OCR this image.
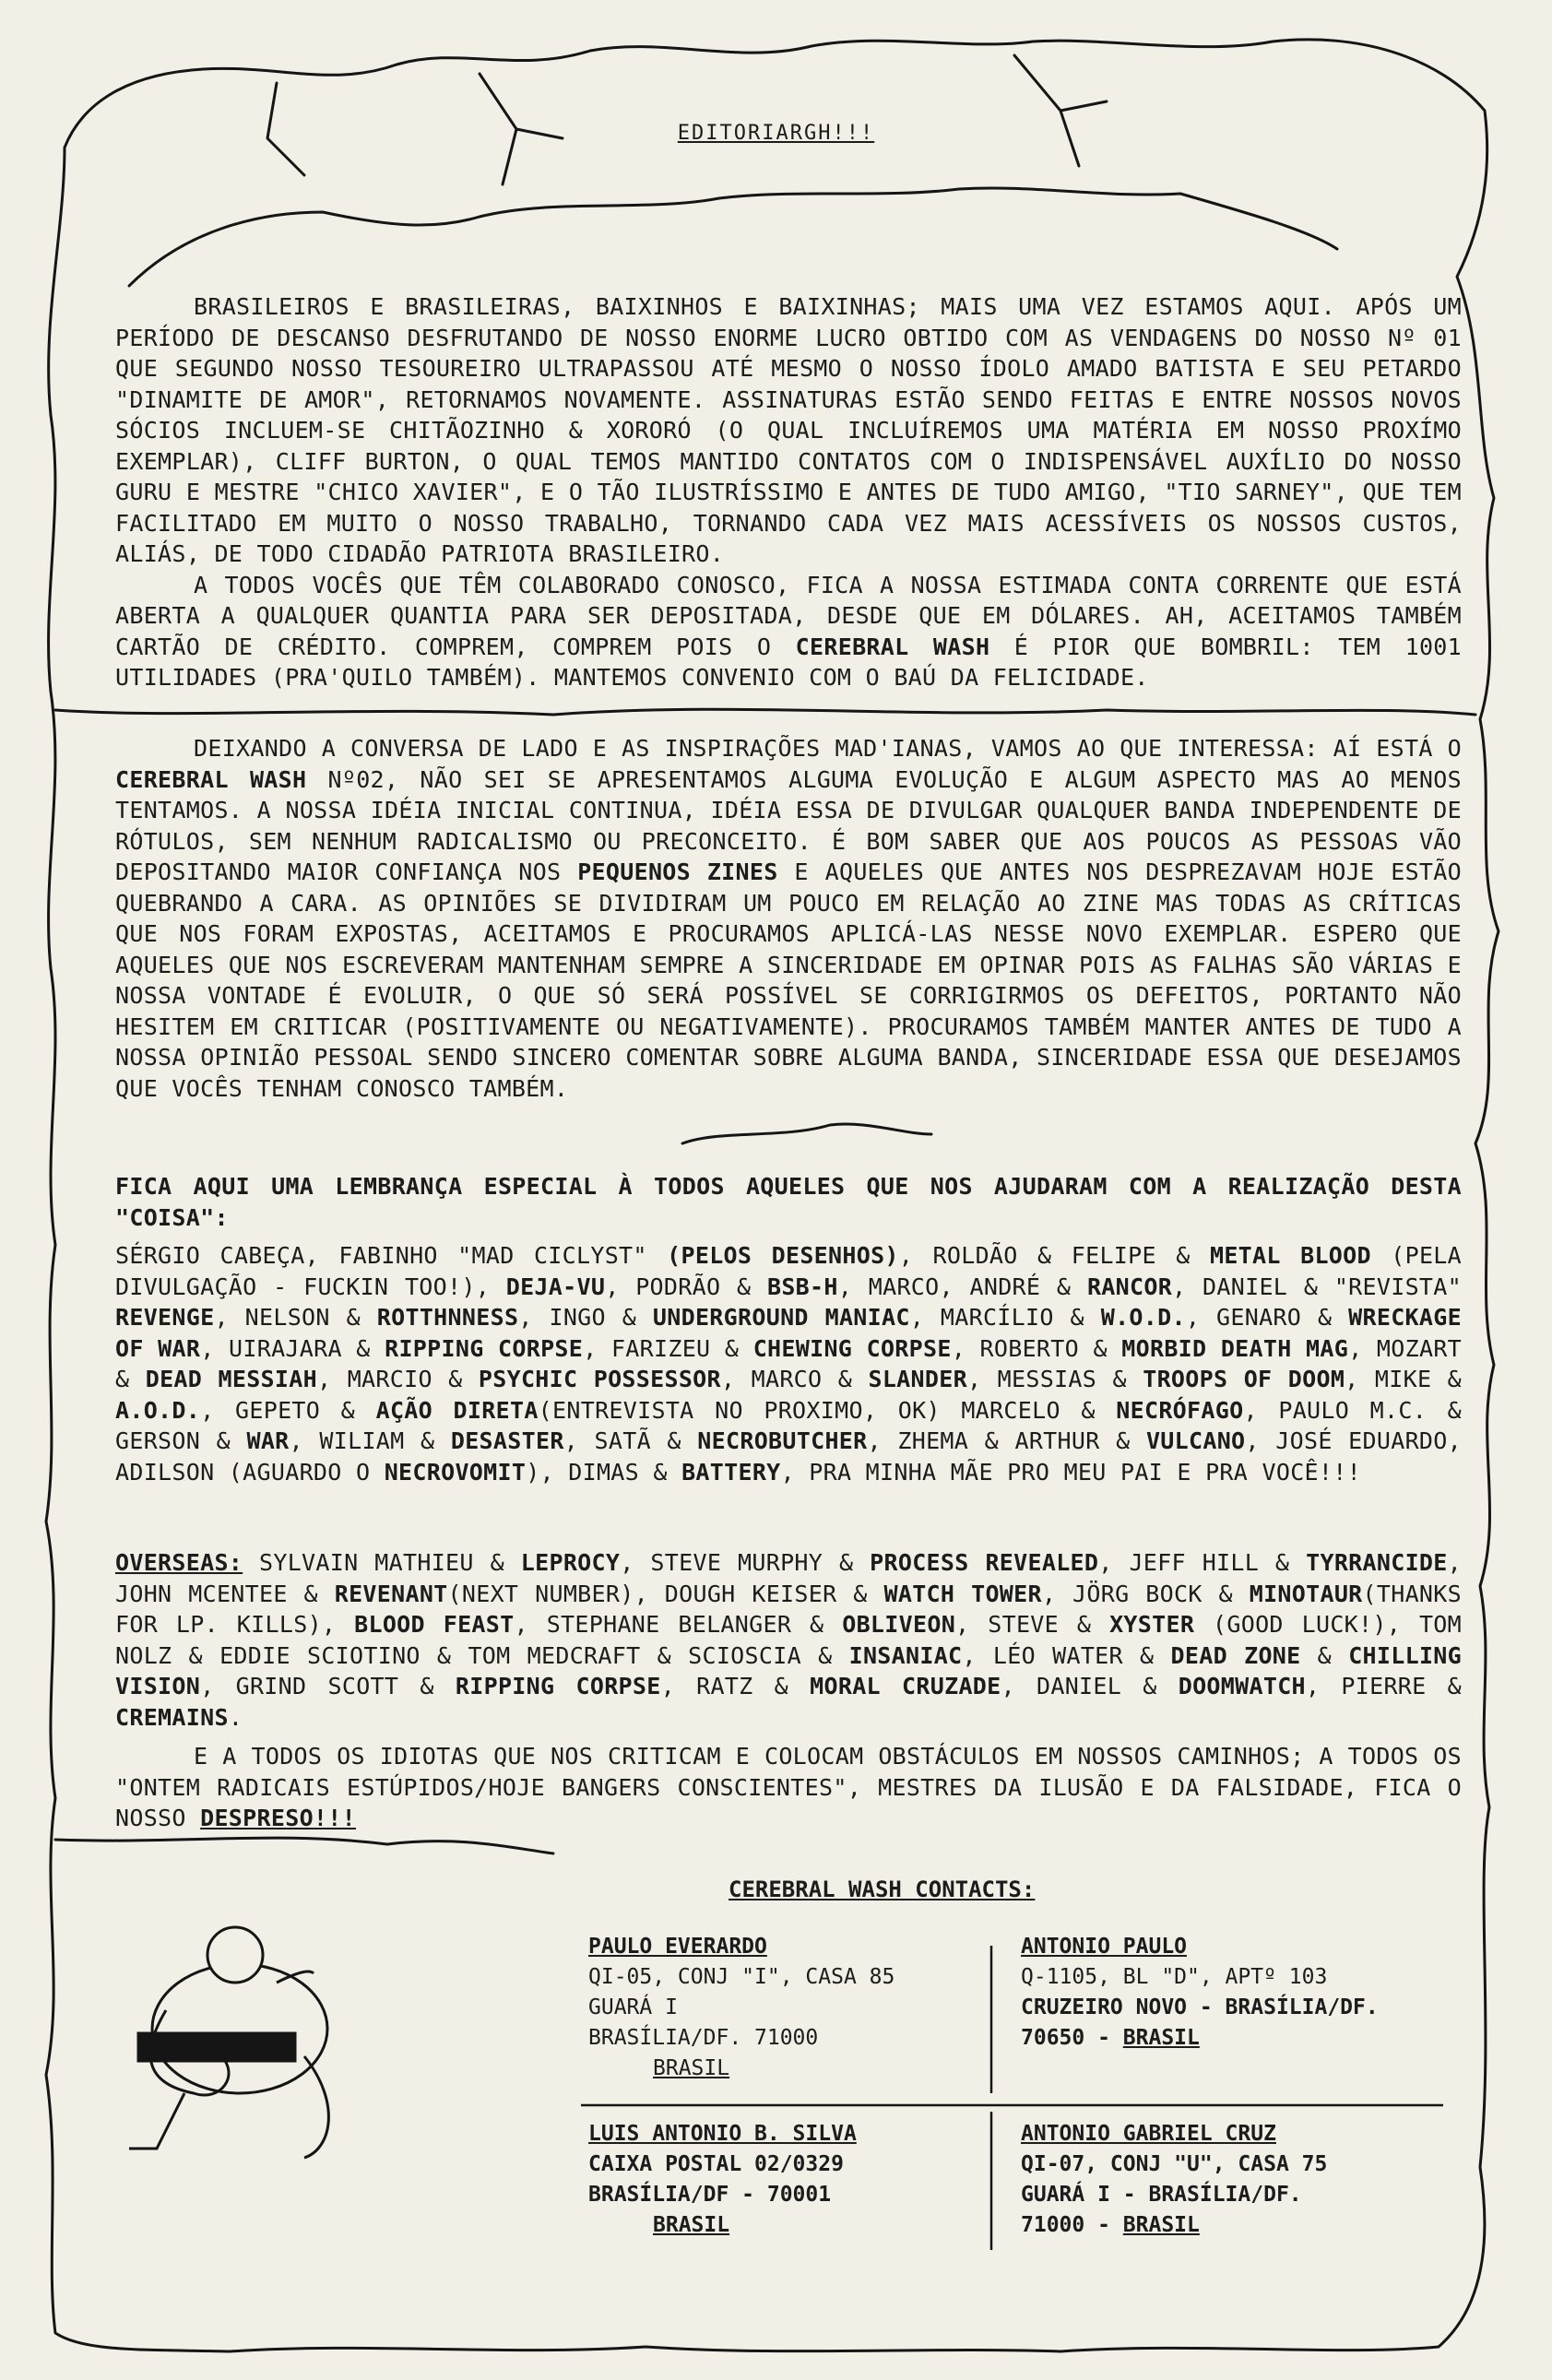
EDITORIARGH!!!
BRASILEIROS E BRASILEIRAS, BAIXINHOS E BAIXINHAS; MAIS UMA VEZ ESTAMOS AQUI. APÓS UM PERÍODO DE DESCANSO DESFRUTANDO DE NOSSO ENORME LUCRO OBTIDO COM AS VENDAGENS DO NOSSO Nº 01 QUE SEGUNDO NOSSO TESOUREIRO ULTRAPASSOU ATÉ MESMO O NOSSO ÍDOLO AMADO BATISTA E SEU PETARDO "DINAMITE DE AMOR", RETORNAMOS NOVAMENTE. ASSINATURAS ESTÃO SENDO FEITAS E ENTRE NOSSOS NOVOS SÓCIOS INCLUEM-SE CHITÃOZINHO & XORORÓ (O QUAL INCLUÍREMOS UMA MATÉRIA EM NOSSO PROXÍMO EXEMPLAR), CLIFF BURTON, O QUAL TEMOS MANTIDO CONTATOS COM O INDISPENSÁVEL AUXÍLIO DO NOSSO GURU E MESTRE "CHICO XAVIER", E O TÃO ILUSTRÍSSIMO E ANTES DE TUDO AMIGO, "TIO SARNEY", QUE TEM FACILITADO EM MUITO O NOSSO TRABALHO, TORNANDO CADA VEZ MAIS ACESSÍVEIS OS NOSSOS CUSTOS, ALIÁS, DE TODO CIDADÃO PATRIOTA BRASILEIRO.
A TODOS VOCÊS QUE TÊM COLABORADO CONOSCO, FICA A NOSSA ESTIMADA CONTA CORRENTE QUE ESTÁ ABERTA A QUALQUER QUANTIA PARA SER DEPOSITADA, DESDE QUE EM DÓLARES. AH, ACEITAMOS TAMBÉM CARTÃO DE CRÉDITO. COMPREM, COMPREM POIS O CEREBRAL WASH É PIOR QUE BOMBRIL: TEM 1001 UTILIDADES (PRA'QUILO TAMBÉM). MANTEMOS CONVENIO COM O BAÚ DA FELICIDADE.
DEIXANDO A CONVERSA DE LADO E AS INSPIRAÇÕES MAD'IANAS, VAMOS AO QUE INTERESSA: AÍ ESTÁ O CEREBRAL WASH Nº02, NÃO SEI SE APRESENTAMOS ALGUMA EVOLUÇÃO E ALGUM ASPECTO MAS AO MENOS TENTAMOS. A NOSSA IDÉIA INICIAL CONTINUA, IDÉIA ESSA DE DIVULGAR QUALQUER BANDA INDEPENDENTE DE RÓTULOS, SEM NENHUM RADICALISMO OU PRECONCEITO. É BOM SABER QUE AOS POUCOS AS PESSOAS VÃO DEPOSITANDO MAIOR CONFIANÇA NOS PEQUENOS ZINES E AQUELES QUE ANTES NOS DESPREZAVAM HOJE ESTÃO QUEBRANDO A CARA. AS OPINIÕES SE DIVIDIRAM UM POUCO EM RELAÇÃO AO ZINE MAS TODAS AS CRÍTICAS QUE NOS FORAM EXPOSTAS, ACEITAMOS E PROCURAMOS APLICÁ-LAS NESSE NOVO EXEMPLAR. ESPERO QUE AQUELES QUE NOS ESCREVERAM MANTENHAM SEMPRE A SINCERIDADE EM OPINAR POIS AS FALHAS SÃO VÁRIAS E NOSSA VONTADE É EVOLUIR, O QUE SÓ SERÁ POSSÍVEL SE CORRIGIRMOS OS DEFEITOS, PORTANTO NÃO HESITEM EM CRITICAR (POSITIVAMENTE OU NEGATIVAMENTE). PROCURAMOS TAMBÉM MANTER ANTES DE TUDO A NOSSA OPINIÃO PESSOAL SENDO SINCERO COMENTAR SOBRE ALGUMA BANDA, SINCERIDADE ESSA QUE DESEJAMOS QUE VOCÊS TENHAM CONOSCO TAMBÉM.
FICA AQUI UMA LEMBRANÇA ESPECIAL À TODOS AQUELES QUE NOS AJUDARAM COM A REALIZAÇÃO DESTA "COISA":
SÉRGIO CABEÇA, FABINHO "MAD CICLYST" (PELOS DESENHOS), ROLDÃO & FELIPE & METAL BLOOD (PELA DIVULGAÇÃO - FUCKIN TOO!), DEJA-VU, PODRÃO & BSB-H, MARCO, ANDRÉ & RANCOR, DANIEL & "REVISTA" REVENGE, NELSON & ROTTHNNESS, INGO & UNDERGROUND MANIAC, MARCÍLIO & W.O.D., GENARO & WRECKAGE OF WAR, UIRAJARA & RIPPING CORPSE, FARIZEU & CHEWING CORPSE, ROBERTO & MORBID DEATH MAG, MOZART & DEAD MESSIAH, MARCIO & PSYCHIC POSSESSOR, MARCO & SLANDER, MESSIAS & TROOPS OF DOOM, MIKE & A.O.D., GEPETO & AÇÃO DIRETA(ENTREVISTA NO PROXIMO, OK) MARCELO & NECRÓFAGO, PAULO M.C. & GERSON & WAR, WILIAM & DESASTER, SATÃ & NECROBUTCHER, ZHEMA & ARTHUR & VULCANO, JOSÉ EDUARDO, ADILSON (AGUARDO O NECROVOMIT), DIMAS & BATTERY, PRA MINHA MÃE PRO MEU PAI E PRA VOCÊ!!!
OVERSEAS: SYLVAIN MATHIEU & LEPROCY, STEVE MURPHY & PROCESS REVEALED, JEFF HILL & TYRRANCIDE, JOHN MCENTEE & REVENANT(NEXT NUMBER), DOUGH KEISER & WATCH TOWER, JÖRG BOCK & MINOTAUR(THANKS FOR LP. KILLS), BLOOD FEAST, STEPHANE BELANGER & OBLIVEON, STEVE & XYSTER (GOOD LUCK!), TOM NOLZ & EDDIE SCIOTINO & TOM MEDCRAFT & SCIOSCIA & INSANIAC, LÉO WATER & DEAD ZONE & CHILLING VISION, GRIND SCOTT & RIPPING CORPSE, RATZ & MORAL CRUZADE, DANIEL & DOOMWATCH, PIERRE & CREMAINS.
E A TODOS OS IDIOTAS QUE NOS CRITICAM E COLOCAM OBSTÁCULOS EM NOSSOS CAMINHOS; A TODOS OS "ONTEM RADICAIS ESTÚPIDOS/HOJE BANGERS CONSCIENTES", MESTRES DA ILUSÃO E DA FALSIDADE, FICA O NOSSO DESPRESO!!!
CEREBRAL WASH CONTACTS:
PAULO EVERARDO
QI-05, CONJ "I", CASA 85
GUARÁ I
BRASÍLIA/DF. 71000
BRASIL
ANTONIO PAULO
Q-1105, BL "D", APTº 103
CRUZEIRO NOVO - BRASÍLIA/DF.
70650 - BRASIL
LUIS ANTONIO B. SILVA
CAIXA POSTAL 02/0329
BRASÍLIA/DF - 70001
BRASIL
ANTONIO GABRIEL CRUZ
QI-07, CONJ "U", CASA 75
GUARÁ I - BRASÍLIA/DF.
71000 - BRASIL
